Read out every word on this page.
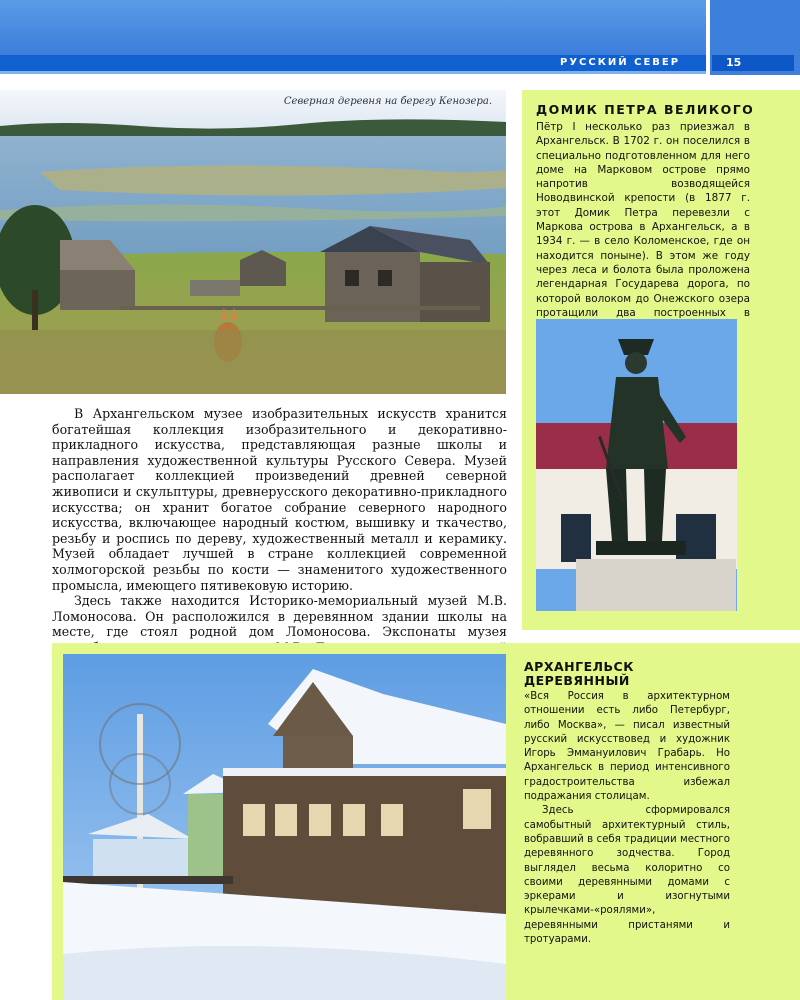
РУССКИЙ СЕВЕР	15
Северная деревня на берегу Кенозера.
ДОМИК ПЕТРА ВЕЛИКОГО
Пётр I несколько раз приезжал в Архангельск. В 1702 г. он поселился в специально подготовленном для него доме на Марковом острове прямо напротив возводящейся Новодвинской крепости (в 1877 г. этот Домик Петра перевезли с Маркова острова в Архангельск, а в 1934 г. — в село Коломенское, где он находится поныне). В этом же году через леса и болота была проложена легендарная Государева дорога, по которой волоком до Онежского озера протащили два построенных в

В Архангельском музее изобразительных искусств хранится богатейшая коллекция изобразительного и декоративно-прикладного искусства, представляющая разные школы и направления художественной культуры Русского Севера. Музей располагает коллекцией произведений древней северной живописи и скульптуры, древнерусского декоративно-прикладного искусства; он хранит богатое собрание северного народного искусства, включающее народный костюм, вышивку и ткачество, резьбу и роспись по дереву, художественный металл и керамику. Музей обладает лучшей в стране коллекцией современной холмогорской резьбы по кости — знаменитого художественного промысла, имеющего пятивековую историю.

Здесь также находится Историко-мемориальный музей М.В. Ломоносова. Он расположился в деревянном здании школы на месте, где стоял родной дом Ломоносова. Экспонаты музея

АРХАНГЕЛЬСК
ДЕРЕВЯННЫЙ

«Вся Россия в архитектурном отношении есть либо Петербург, либо Москва», — писал известный русский искусствовед и художник Игорь Эммануилович Грабарь. Но Архангельск в период интенсивного градостроительства избежал подражания столицам.

Здесь сформировался самобытный архитектурный стиль, вобравший в себя традиции местного деревянного зодчества. Город выглядел весьма колоритно со своими деревянными домами с эркерами и изогнутыми крылечками-«роялями», деревянными пристанями и тротуарами.
